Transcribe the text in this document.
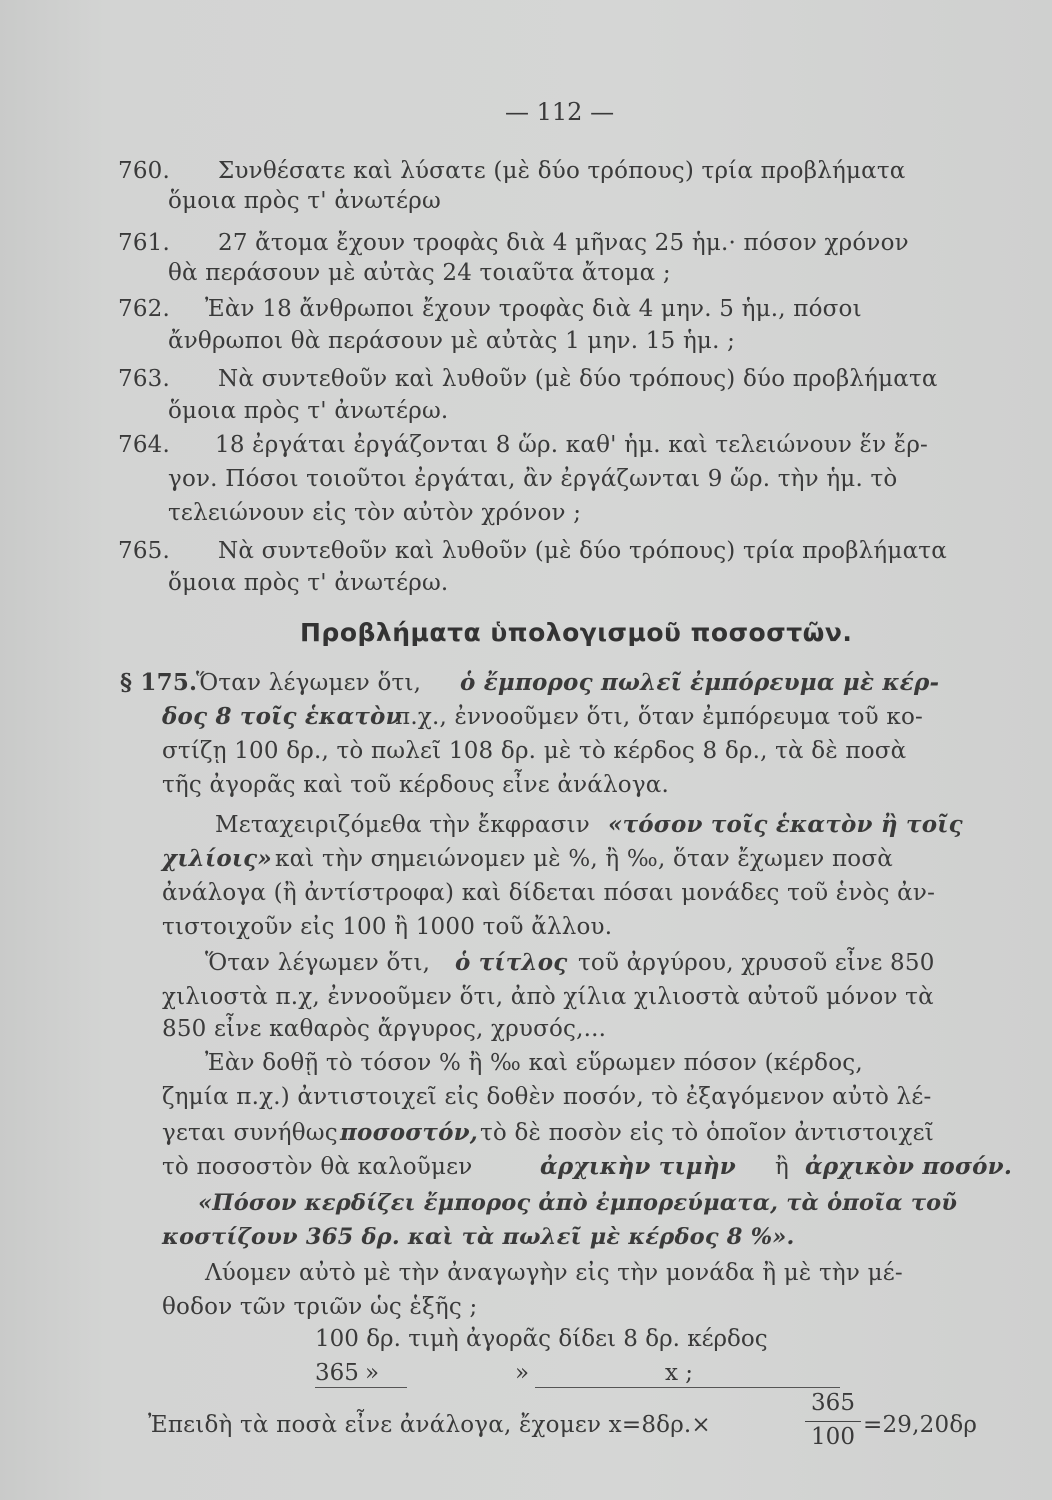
— 112 —
760. Συνθέσατε καὶ λύσατε (μὲ δύο τρόπους) τρία προβλήματα
ὅμοια πρὸς τ' ἀνωτέρω
761. 27 ἄτομα ἔχουν τροφὰς διὰ 4 μῆνας 25 ἡμ.· πόσον χρόνον
θὰ περάσουν μὲ αὐτὰς 24 τοιαῦτα ἄτομα ;
762. Ἐὰν 18 ἄνθρωποι ἔχουν τροφὰς διὰ 4 μην. 5 ἡμ., πόσοι
ἄνθρωποι θὰ περάσουν μὲ αὐτὰς 1 μην. 15 ἡμ. ;
763. Νὰ συντεθοῦν καὶ λυθοῦν (μὲ δύο τρόπους) δύο προβλήματα
ὅμοια πρὸς τ' ἀνωτέρω.
764. 18 ἐργάται ἐργάζονται 8 ὥρ. καθ' ἡμ. καὶ τελειώνουν ἕν ἔρ-
γον. Πόσοι τοιοῦτοι ἐργάται, ἂν ἐργάζωνται 9 ὥρ. τὴν ἡμ. τὸ
τελειώνουν εἰς τὸν αὐτὸν χρόνον ;
765. Νὰ συντεθοῦν καὶ λυθοῦν (μὲ δύο τρόπους) τρία προβλήματα
ὅμοια πρὸς τ' ἀνωτέρω.
Προβλήματα ὑπολογισμοῦ ποσοστῶν.
§ 175.
Ὅταν λέγωμεν ὅτι, ὁ ἔμπορος πωλεῖ ἐμπόρευμα μὲ κέρ-
δος 8 τοῖς ἑκατὸν
π.χ., ἐννοοῦμεν ὅτι, ὅταν ἐμπόρευμα τοῦ κο-
στίζῃ 100 δρ., τὸ πωλεῖ 108 δρ. μὲ τὸ κέρδος 8 δρ., τὰ δὲ ποσὰ
τῆς ἀγορᾶς καὶ τοῦ κέρδους εἶνε ἀνάλογα.
Μεταχειριζόμεθα τὴν ἔκφρασιν «τόσον τοῖς ἑκατὸν ἢ τοῖς
χιλίοις» καὶ τὴν σημειώνομεν μὲ %, ἢ ‰, ὅταν ἔχωμεν ποσὰ
ἀνάλογα (ἢ ἀντίστροφα) καὶ δίδεται πόσαι μονάδες τοῦ ἑνὸς ἀν-
τιστοιχοῦν εἰς 100 ἢ 1000 τοῦ ἄλλου.
Ὅταν λέγωμεν ὅτι, ὁ τίτλος τοῦ ἀργύρου, χρυσοῦ εἶνε 850
χιλιοστὰ π.χ, ἐννοοῦμεν ὅτι, ἀπὸ χίλια χιλιοστὰ αὐτοῦ μόνον τὰ
850 εἶνε καθαρὸς ἄργυρος, χρυσός,...
Ἐὰν δοθῇ τὸ τόσον % ἢ ‰ καὶ εὕρωμεν πόσον (κέρδος,
ζημία π.χ.) ἀντιστοιχεῖ εἰς δοθὲν ποσόν, τὸ ἐξαγόμενον αὐτὸ λέ-
γεται συνήθως ποσοστόν, τὸ δὲ ποσὸν εἰς τὸ ὁποῖον ἀντιστοιχεῖ
τὸ ποσοστὸν θὰ καλοῦμεν	ἀρχικὴν τιμὴν ἢ ἀρχικὸν ποσόν.
«Πόσον κερδίζει ἔμπορος ἀπὸ ἐμπορεύματα, τὰ ὁποῖα τοῦ
κοστίζουν 365 δρ. καὶ τὰ πωλεῖ μὲ κέρδος 8 %».
Λύομεν αὐτὸ μὲ τὴν ἀναγωγὴν εἰς τὴν μονάδα ἢ μὲ τὴν μέ-
θοδον τῶν τριῶν ὡς ἑξῆς ;
100 δρ. τιμὴ ἀγορᾶς δίδει 8 δρ. κέρδος
365 »	»	x ;
Ἐπειδὴ τὰ ποσὰ εἶνε ἀνάλογα, ἔχομεν x=8δρ.×
365
100 =29,20δρ
